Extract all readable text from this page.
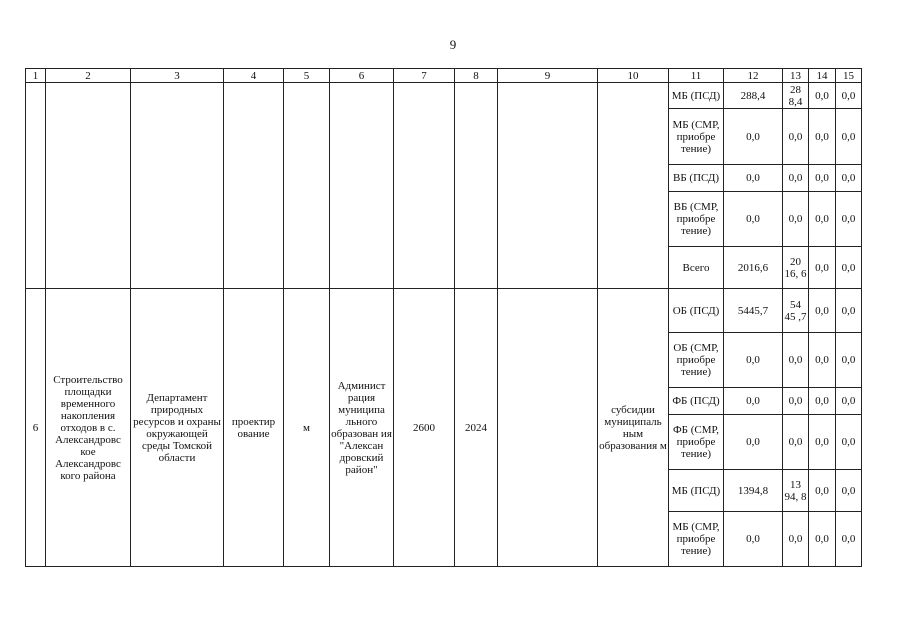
9
1	2	3	4	5	6	7	8	9	10	11	12	13	14	15
										МБ (ПСД)	288,4	28 8,4	0,0	0,0
										МБ (СМР, приобре тение)	0,0	0,0	0,0	0,0
										ВБ (ПСД)	0,0	0,0	0,0	0,0
										ВБ (СМР, приобре тение)	0,0	0,0	0,0	0,0
										Всего	2016,6	20 16, 6	0,0	0,0
6	Строительство площадки временного накопления отходов в с. Александровс кое Александровс кого района	Департамент природных ресурсов и охраны окружающей среды Томской области	проектир ование	м	Админист рация муниципа льного образован ия "Алексан дровский район"	2600	2024		субсидии муниципаль ным образования м	ОБ (ПСД)	5445,7	54 45 ,7	0,0	0,0
										ОБ (СМР, приобре тение)	0,0	0,0	0,0	0,0
										ФБ (ПСД)	0,0	0,0	0,0	0,0
										ФБ (СМР, приобре тение)	0,0	0,0	0,0	0,0
										МБ (ПСД)	1394,8	13 94, 8	0,0	0,0
										МБ (СМР, приобре тение)	0,0	0,0	0,0	0,0
